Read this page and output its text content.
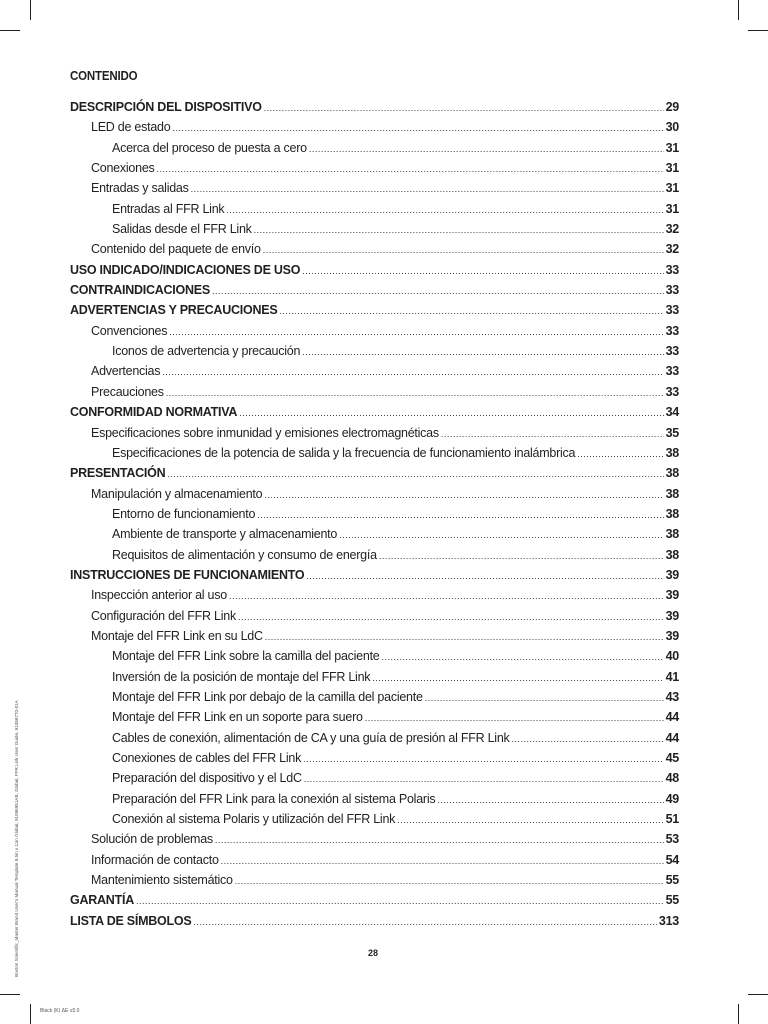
CONTENIDO
DESCRIPCIÓN DEL DISPOSITIVO .....	29
LED de estado .....	30
Acerca del proceso de puesta a cero .....	31
Conexiones .....	31
Entradas y salidas .....	31
Entradas al FFR Link .....	31
Salidas desde el FFR Link .....	32
Contenido del paquete de envío .....	32
USO INDICADO/INDICACIONES DE USO .....	33
CONTRAINDICACIONES .....	33
ADVERTENCIAS Y PRECAUCIONES .....	33
Convenciones .....	33
Iconos de advertencia y precaución .....	33
Advertencias .....	33
Precauciones .....	33
CONFORMIDAD NORMATIVA .....	34
Especificaciones sobre inmunidad y emisiones electromagnéticas .....	35
Especificaciones de la potencia de salida y la frecuencia de funcionamiento inalámbrica .....	38
PRESENTACIÓN .....	38
Manipulación y almacenamiento .....	38
Entorno de funcionamiento .....	38
Ambiente de transporte y almacenamiento .....	38
Requisitos de alimentación y consumo de energía .....	38
INSTRUCCIONES DE FUNCIONAMIENTO .....	39
Inspección anterior al uso .....	39
Configuración del FFR Link .....	39
Montaje del FFR Link en su LdC .....	39
Montaje del FFR Link sobre la camilla del paciente .....	40
Inversión de la posición de montaje del FFR Link .....	41
Montaje del FFR Link por debajo de la camilla del paciente .....	43
Montaje del FFR Link en un soporte para suero .....	44
Cables de conexión, alimentación de CA y una guía de presión al FFR Link .....	44
Conexiones de cables del FFR Link .....	45
Preparación del dispositivo y el LdC .....	48
Preparación del FFR Link para la conexión al sistema Polaris .....	49
Conexión al sistema Polaris y utilización del FFR Link .....	51
Solución de problemas .....	53
Información de contacto .....	54
Mantenimiento sistemático .....	55
GARANTÍA .....	55
LISTA DE SÍMBOLOS .....	313
28
Boston Scientific_Master Brand User's Manual Template 8.5in x 11in Global, 91086951AB, Global, FFR Link User Guide, 91086770-01A
Black (K) ΔE ≤5.0
